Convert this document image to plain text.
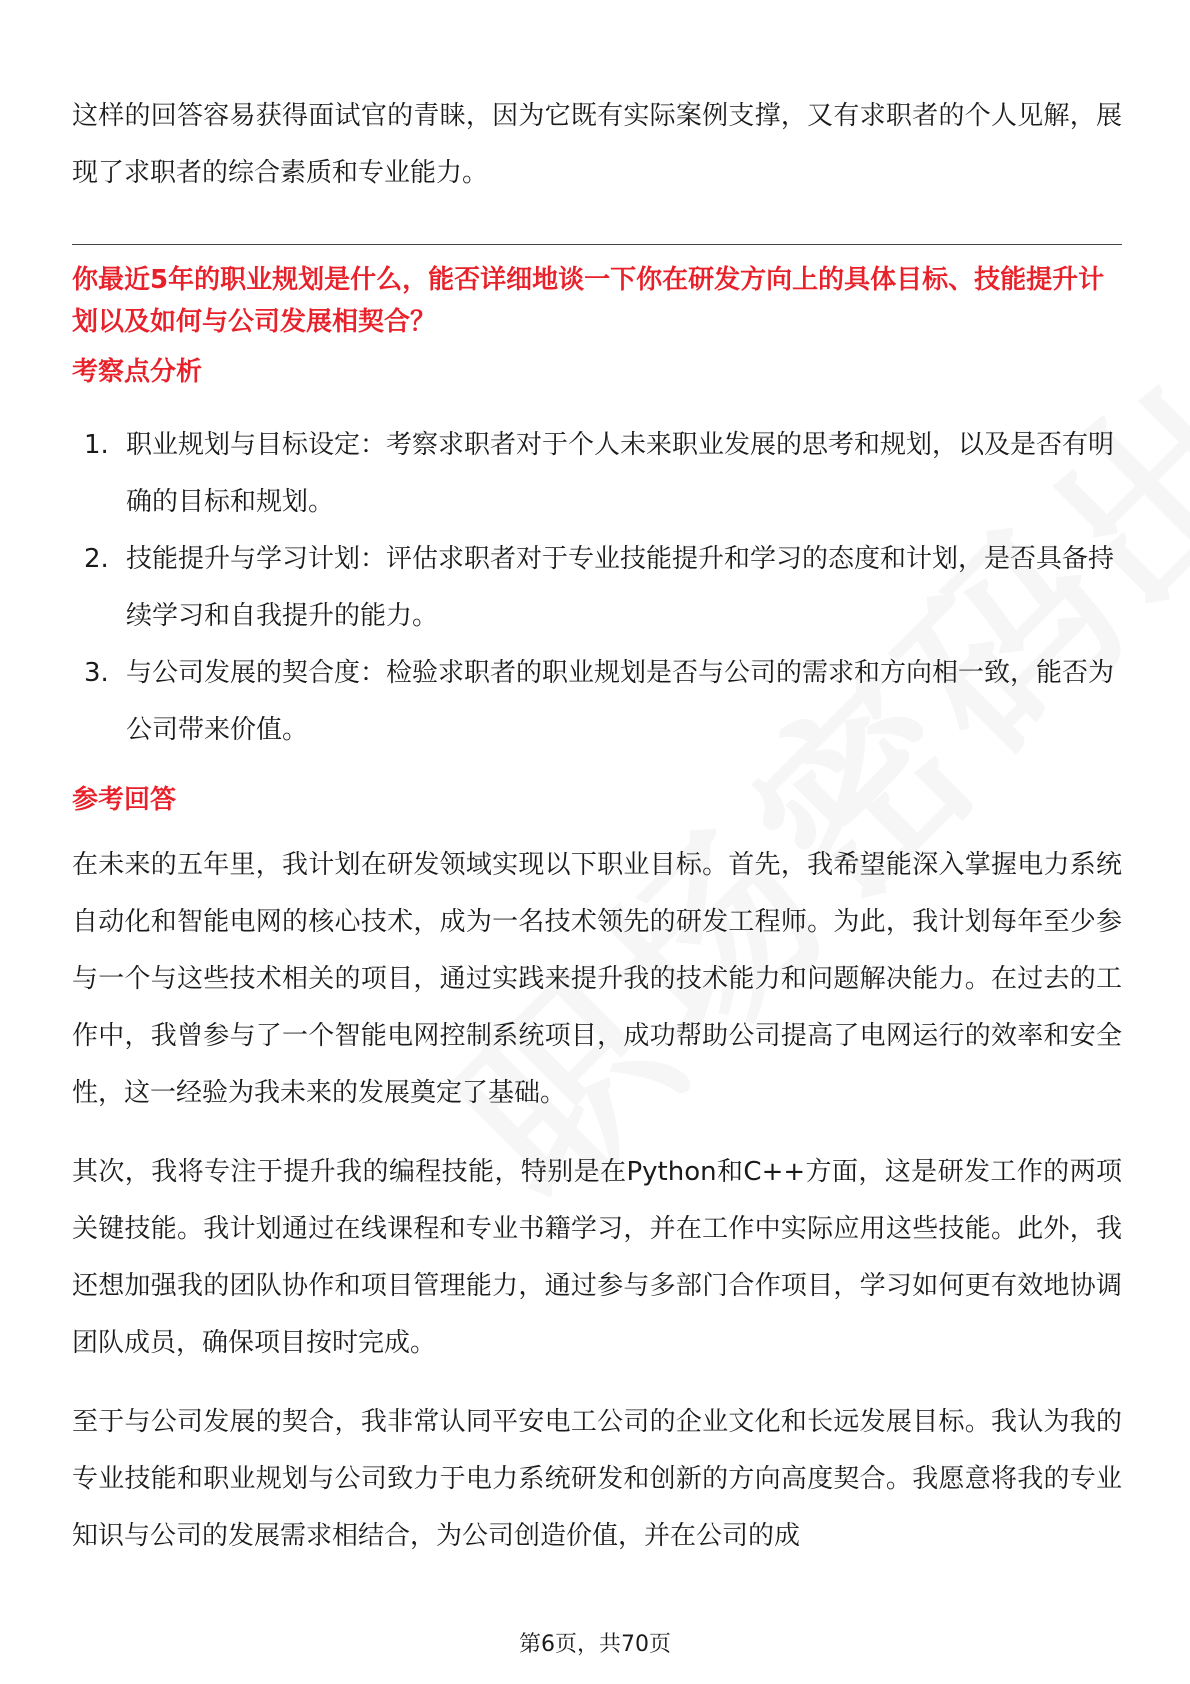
这样的回答容易获得面试官的青睐，因为它既有实际案例支撑，又有求职者的个人见解，展现了求职者的综合素质和专业能力。

你最近5年的职业规划是什么，能否详细地谈一下你在研发方向上的具体目标、技能提升计划以及如何与公司发展相契合？

考察点分析

1. 职业规划与目标设定：考察求职者对于个人未来职业发展的思考和规划，以及是否有明确的目标和规划。
2. 技能提升与学习计划：评估求职者对于专业技能提升和学习的态度和计划，是否具备持续学习和自我提升的能力。
3. 与公司发展的契合度：检验求职者的职业规划是否与公司的需求和方向相一致，能否为公司带来价值。

参考回答

在未来的五年里，我计划在研发领域实现以下职业目标。首先，我希望能深入掌握电力系统自动化和智能电网的核心技术，成为一名技术领先的研发工程师。为此，我计划每年至少参与一个与这些技术相关的项目，通过实践来提升我的技术能力和问题解决能力。在过去的工作中，我曾参与了一个智能电网控制系统项目，成功帮助公司提高了电网运行的效率和安全性，这一经验为我未来的发展奠定了基础。

其次，我将专注于提升我的编程技能，特别是在Python和C++方面，这是研发工作的两项关键技能。我计划通过在线课程和专业书籍学习，并在工作中实际应用这些技能。此外，我还想加强我的团队协作和项目管理能力，通过参与多部门合作项目，学习如何更有效地协调团队成员，确保项目按时完成。

至于与公司发展的契合，我非常认同平安电工公司的企业文化和长远发展目标。我认为我的专业技能和职业规划与公司致力于电力系统研发和创新的方向高度契合。我愿意将我的专业知识与公司的发展需求相结合，为公司创造价值，并在公司的成

第6页，共70页
